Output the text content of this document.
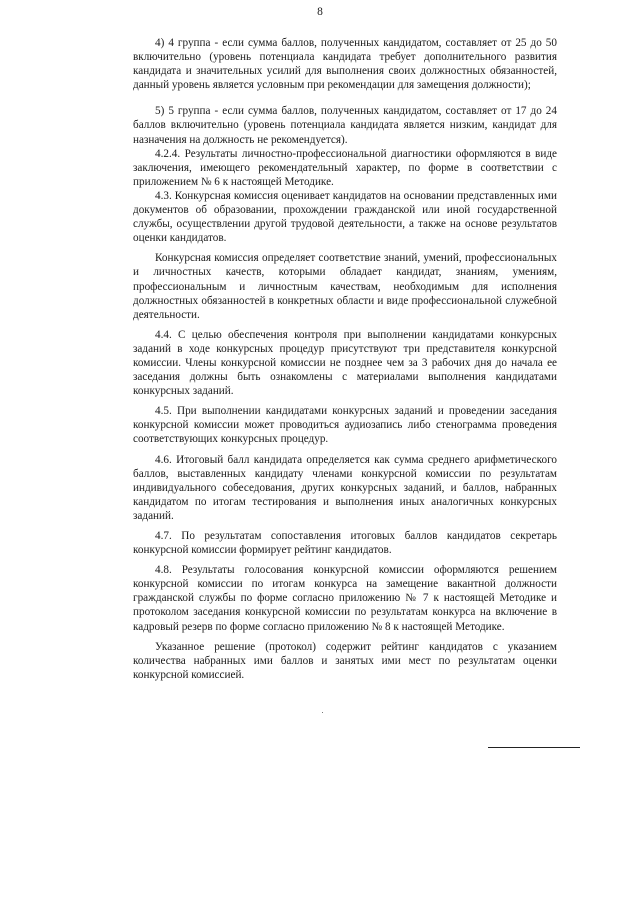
8

4) 4 группа - если сумма баллов, полученных кандидатом, составляет от 25 до 50 включительно (уровень потенциала кандидата требует дополнительного развития кандидата и значительных усилий для выполнения своих должностных обязанностей, данный уровень является условным при рекомендации для замещения должности);

5) 5 группа - если сумма баллов, полученных кандидатом, составляет от 17 до 24 баллов включительно (уровень потенциала кандидата является низким, кандидат для назначения на должность не рекомендуется).

4.2.4. Результаты личностно-профессиональной диагностики оформляются в виде заключения, имеющего рекомендательный характер, по форме в соответствии с приложением № 6 к настоящей Методике.

4.3. Конкурсная комиссия оценивает кандидатов на основании представленных ими документов об образовании, прохождении гражданской или иной государственной службы, осуществлении другой трудовой деятельности, а также на основе результатов оценки кандидатов.

Конкурсная комиссия определяет соответствие знаний, умений, профессиональных и личностных качеств, которыми обладает кандидат, знаниям, умениям, профессиональным и личностным качествам, необходимым для исполнения должностных обязанностей в конкретных области и виде профессиональной служебной деятельности.

4.4. С целью обеспечения контроля при выполнении кандидатами конкурсных заданий в ходе конкурсных процедур присутствуют три представителя конкурсной комиссии. Члены конкурсной комиссии не позднее чем за 3 рабочих дня до начала ее заседания должны быть ознакомлены с материалами выполнения кандидатами конкурсных заданий.

4.5. При выполнении кандидатами конкурсных заданий и проведении заседания конкурсной комиссии может проводиться аудиозапись либо стенограмма проведения соответствующих конкурсных процедур.

4.6. Итоговый балл кандидата определяется как сумма среднего арифметического баллов, выставленных кандидату членами конкурсной комиссии по результатам индивидуального собеседования, других конкурсных заданий, и баллов, набранных кандидатом по итогам тестирования и выполнения иных аналогичных конкурсных заданий.

4.7. По результатам сопоставления итоговых баллов кандидатов секретарь конкурсной комиссии формирует рейтинг кандидатов.

4.8. Результаты голосования конкурсной комиссии оформляются решением конкурсной комиссии по итогам конкурса на замещение вакантной должности гражданской службы по форме согласно приложению № 7 к настоящей Методике и протоколом заседания конкурсной комиссии по результатам конкурса на включение в кадровый резерв по форме согласно приложению № 8 к настоящей Методике.

Указанное решение (протокол) содержит рейтинг кандидатов с указанием количества набранных ими баллов и занятых ими мест по результатам оценки конкурсной комиссией.
